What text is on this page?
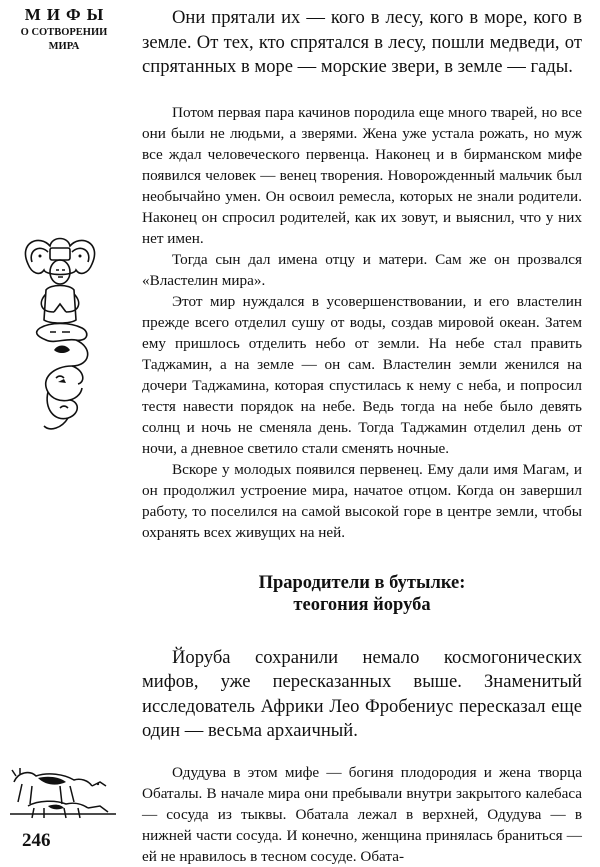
МИФЫ
О СОТВОРЕНИИ
МИРА
246

Они прятали их — кого в лесу, кого в море, кого в земле. От тех, кто спрятался в лесу, пошли медведи, от спрятанных в море — морские звери, в земле — гады.

Потом первая пара качинов породила еще много тварей, но все они были не людьми, а зверями. Жена уже устала рожать, но муж все ждал человеческого первенца. Наконец и в бирманском мифе появился человек — венец творения. Новорожденный мальчик был необычайно умен. Он освоил ремесла, которых не знали родители. Наконец он спросил родителей, как их зовут, и выяснил, что у них нет имен.

Тогда сын дал имена отцу и матери. Сам же он прозвался «Властелин мира».

Этот мир нуждался в усовершенствовании, и его властелин прежде всего отделил сушу от воды, создав мировой океан. Затем ему пришлось отделить небо от земли. На небе стал править Таджамин, а на земле — он сам. Властелин земли женился на дочери Таджамина, которая спустилась к нему с неба, и попросил тестя навести порядок на небе. Ведь тогда на небе было девять солнц и ночь не сменяла день. Тогда Таджамин отделил день от ночи, а дневное светило стали сменять ночные.

Вскоре у молодых появился первенец. Ему дали имя Магам, и он продолжил устроение мира, начатое отцом. Когда он завершил работу, то поселился на самой высокой горе в центре земли, чтобы охранять всех живущих на ней.

Прародители в бутылке:
теогония йоруба

Йоруба сохранили немало космогонических мифов, уже пересказанных выше. Знаменитый исследователь Африки Лео Фробениус пересказал еще один — весьма архаичный.

Одудува в этом мифе — богиня плодородия и жена творца Обаталы. В начале мира они пребывали внутри закрытого калебаса — сосуда из тыквы. Обатала лежал в верхней, Одудува — в нижней части сосуда. И конечно, женщина принялась браниться — ей не нравилось в тесном сосуде. Обата-
